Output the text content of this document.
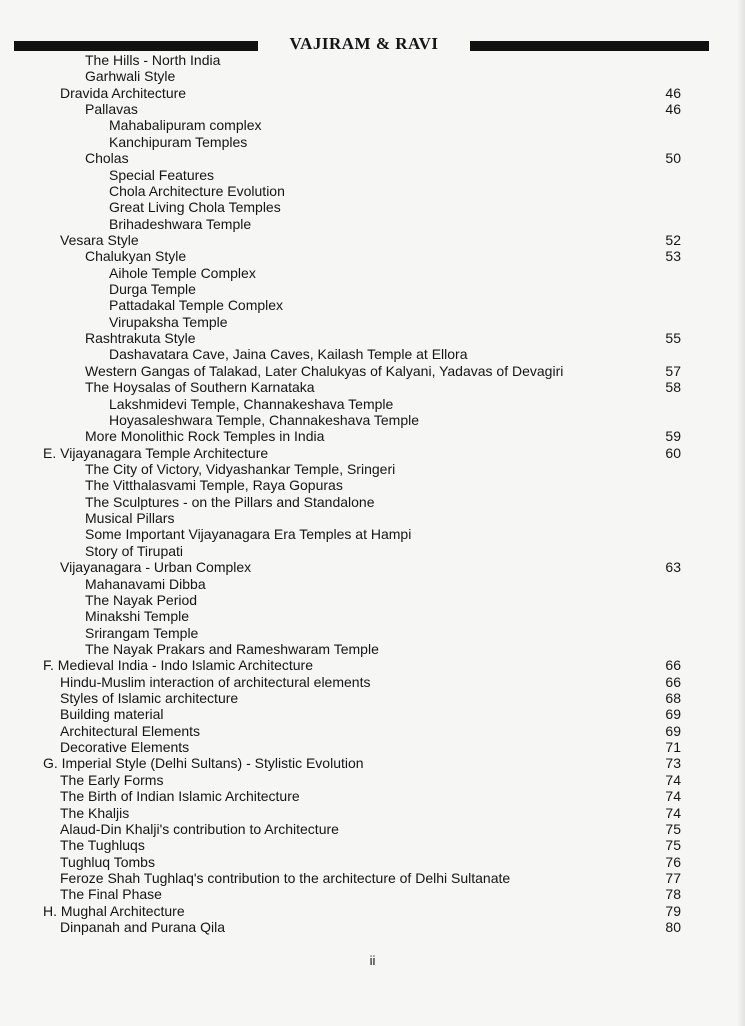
VAJIRAM & RAVI
The Hills - North India
Garhwali Style
Dravida Architecture	46
Pallavas	46
Mahabalipuram complex
Kanchipuram Temples
Cholas	50
Special Features
Chola Architecture Evolution
Great Living Chola Temples
Brihadeshwara Temple
Vesara Style	52
Chalukyan Style	53
Aihole Temple Complex
Durga Temple
Pattadakal Temple Complex
Virupaksha Temple
Rashtrakuta Style	55
Dashavatara Cave, Jaina Caves, Kailash Temple at Ellora
Western Gangas of Talakad, Later Chalukyas of Kalyani, Yadavas of Devagiri	57
The Hoysalas of Southern Karnataka	58
Lakshmidevi Temple, Channakeshava Temple
Hoyasaleshwara Temple, Channakeshava Temple
More Monolithic Rock Temples in India	59
E. Vijayanagara Temple Architecture	60
The City of Victory, Vidyashankar Temple, Sringeri
The Vitthalasvami Temple, Raya Gopuras
The Sculptures - on the Pillars and Standalone
Musical Pillars
Some Important Vijayanagara Era Temples at Hampi
Story of Tirupati
Vijayanagara - Urban Complex	63
Mahanavami Dibba
The Nayak Period
Minakshi Temple
Srirangam Temple
The Nayak Prakars and Rameshwaram Temple
F. Medieval India - Indo Islamic Architecture	66
Hindu-Muslim interaction of architectural elements	66
Styles of Islamic architecture	68
Building material	69
Architectural Elements	69
Decorative Elements	71
G. Imperial Style (Delhi Sultans) - Stylistic Evolution	73
The Early Forms	74
The Birth of Indian Islamic Architecture	74
The Khaljis	74
Alaud-Din Khalji's contribution to Architecture	75
The Tughluqs	75
Tughluq Tombs	76
Feroze Shah Tughlaq's contribution to the architecture of Delhi Sultanate	77
The Final Phase	78
H. Mughal Architecture	79
Dinpanah and Purana Qila	80
ii
